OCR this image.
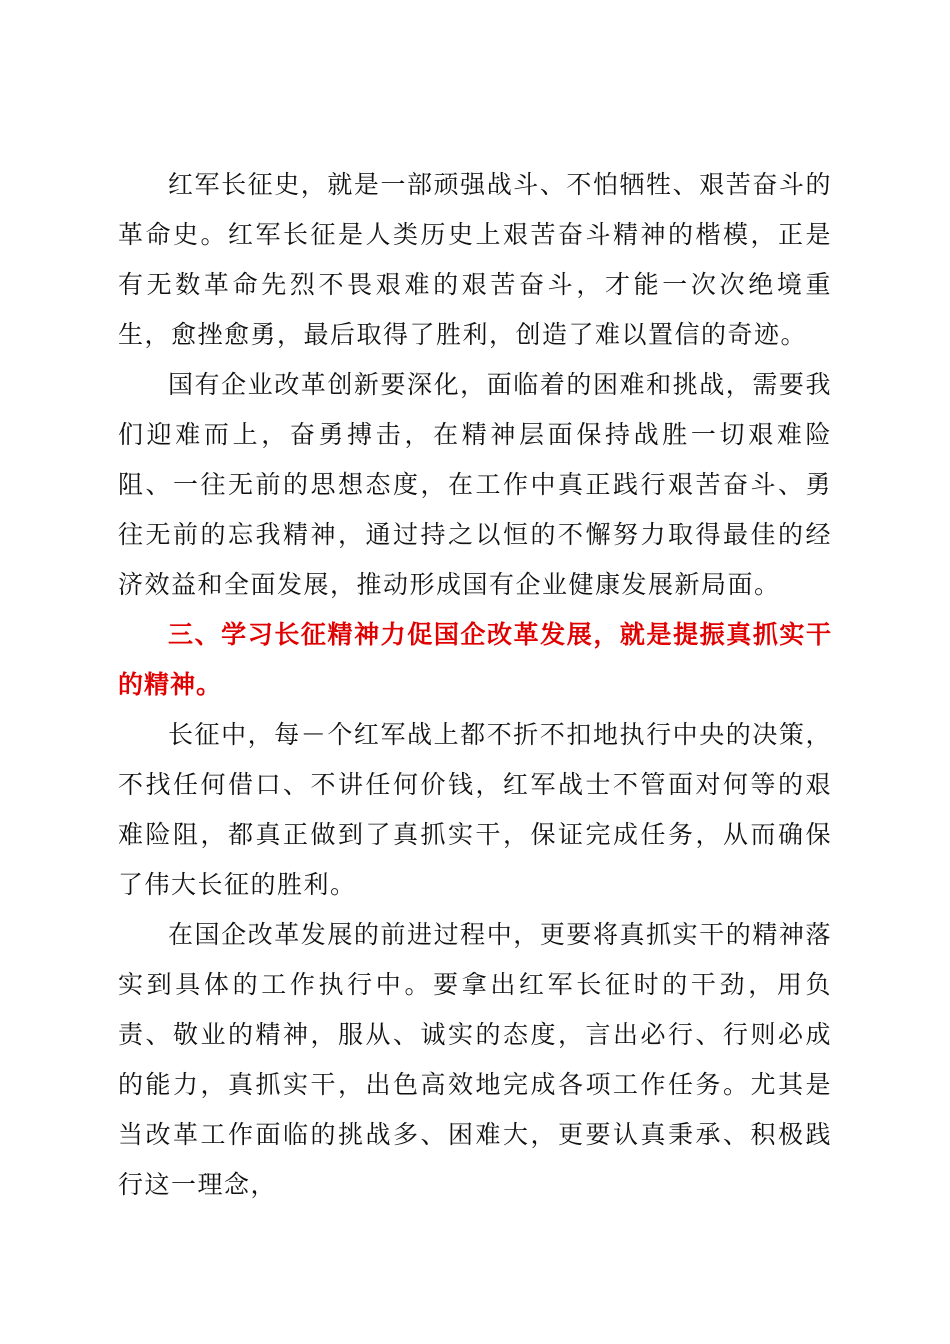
红军长征史，就是一部顽强战斗、不怕牺牲、艰苦奋斗的革命史。红军长征是人类历史上艰苦奋斗精神的楷模，正是有无数革命先烈不畏艰难的艰苦奋斗，才能一次次绝境重生，愈挫愈勇，最后取得了胜利，创造了难以置信的奇迹。

国有企业改革创新要深化，面临着的困难和挑战，需要我们迎难而上，奋勇搏击，在精神层面保持战胜一切艰难险阻、一往无前的思想态度，在工作中真正践行艰苦奋斗、勇往无前的忘我精神，通过持之以恒的不懈努力取得最佳的经济效益和全面发展，推动形成国有企业健康发展新局面。

三、学习长征精神力促国企改革发展，就是提振真抓实干的精神。

长征中，每－个红军战上都不折不扣地执行中央的决策，不找任何借口、不讲任何价钱，红军战士不管面对何等的艰难险阻，都真正做到了真抓实干，保证完成任务，从而确保了伟大长征的胜利。

在国企改革发展的前进过程中，更要将真抓实干的精神落实到具体的工作执行中。要拿出红军长征时的干劲，用负责、敬业的精神，服从、诚实的态度，言出必行、行则必成的能力，真抓实干，出色高效地完成各项工作任务。尤其是当改革工作面临的挑战多、困难大，更要认真秉承、积极践行这一理念，
